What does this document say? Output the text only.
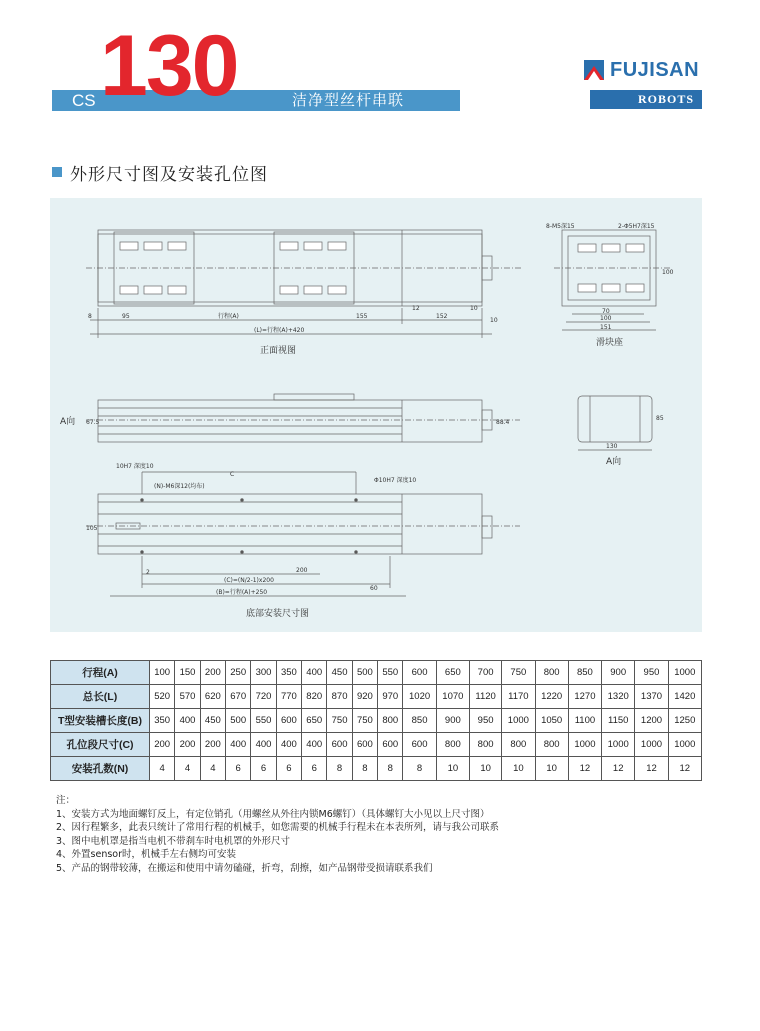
CS 130	洁净型丝杆串联
FUJISAN
ROBOTS
外形尺寸图及安装孔位图
8	95	行程(A)	155
12
152
10
10
(L)=行程(A)+420
正面视图
8-M5深15	2-Φ5H7深15
70
100
151
100
滑块座
A向 67.5	88.4
130
85
A向
10H7 深度10
C
(N)-M6深12(均布)
Φ10H7 深度10
105
2	200
(C)=(N/2-1)x200
60
(B)=行程(A)+250
底部安装尺寸图
行程(A)	100	150	200	250	300	350	400	450	500	550	600	650	700	750	800	850	900	950	1000
总长(L)	520	570	620	670	720	770	820	870	920	970	1020	1070	1120	1170	1220	1270	1320	1370	1420
T型安装槽长度(B)	350	400	450	500	550	600	650	750	750	800	850	900	950	1000	1050	1100	1150	1200	1250
孔位段尺寸(C)	200	200	200	400	400	400	400	600	600	600	600	800	800	800	800	1000	1000	1000	1000
安装孔数(N)	4	4	4	6	6	6	6	8	8	8	8	10	10	10	10	12	12	12	12
注：
1、安装方式为地面螺钉反上，有定位销孔（用螺丝从外往内锁M6螺钉）（具体螺钉大小见以上尺寸图）
2、因行程繁多，此表只统计了常用行程的机械手，如您需要的机械手行程未在本表所列，请与我公司联系
3、图中电机罩是指当电机不带刹车时电机罩的外形尺寸
4、外置sensor时，机械手左右侧均可安装
5、产品的钢带较薄，在搬运和使用中请勿磕碰，折弯，刮擦，如产品钢带受损请联系我们
